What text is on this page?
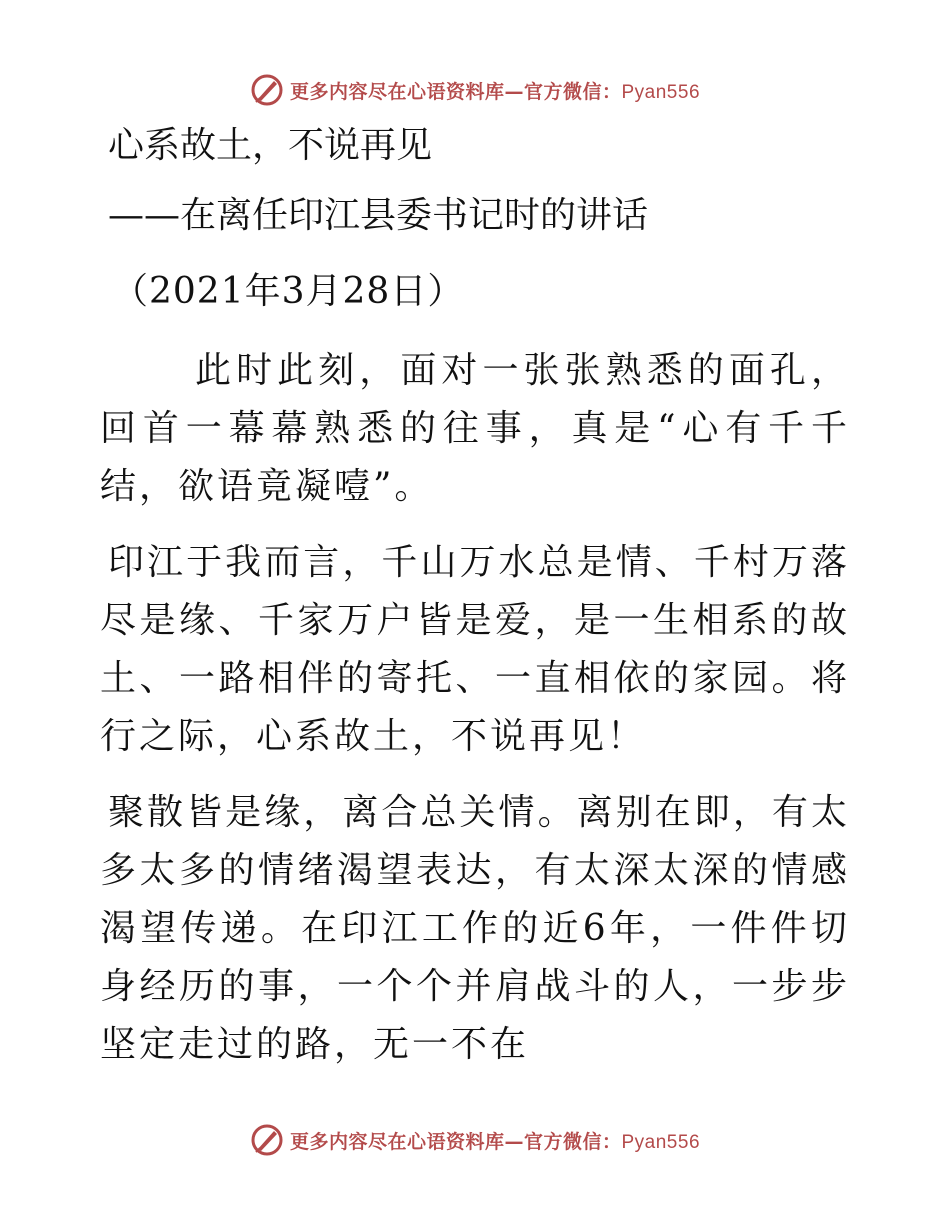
更多内容尽在心语资料库—官方微信：Pyan556
心系故土，不说再见
——在离任印江县委书记时的讲话
（2021年3月28日）
此时此刻，面对一张张熟悉的面孔，回首一幕幕熟悉的往事，真是“心有千千结，欲语竟凝噎”。
印江于我而言，千山万水总是情、千村万落尽是缘、千家万户皆是爱，是一生相系的故土、一路相伴的寄托、一直相依的家园。将行之际，心系故土，不说再见！
聚散皆是缘，离合总关情。离别在即，有太多太多的情绪渴望表达，有太深太深的情感渴望传递。在印江工作的近6年，一件件切身经历的事，一个个并肩战斗的人，一步步坚定走过的路，无一不在
更多内容尽在心语资料库—官方微信：Pyan556
